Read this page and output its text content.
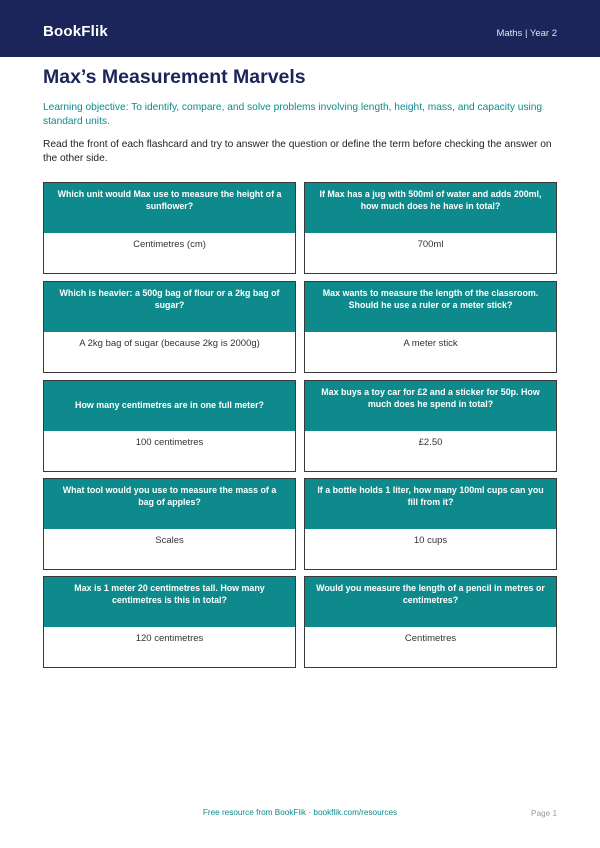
BookFlik	Maths | Year 2
Max’s Measurement Marvels
Learning objective: To identify, compare, and solve problems involving length, height, mass, and capacity using standard units.
Read the front of each flashcard and try to answer the question or define the term before checking the answer on the other side.
Which unit would Max use to measure the height of a sunflower?
Centimetres (cm)
If Max has a jug with 500ml of water and adds 200ml, how much does he have in total?
700ml
Which is heavier: a 500g bag of flour or a 2kg bag of sugar?
A 2kg bag of sugar (because 2kg is 2000g)
Max wants to measure the length of the classroom. Should he use a ruler or a meter stick?
A meter stick
How many centimetres are in one full meter?
100 centimetres
Max buys a toy car for £2 and a sticker for 50p. How much does he spend in total?
£2.50
What tool would you use to measure the mass of a bag of apples?
Scales
If a bottle holds 1 liter, how many 100ml cups can you fill from it?
10 cups
Max is 1 meter 20 centimetres tall. How many centimetres is this in total?
120 centimetres
Would you measure the length of a pencil in metres or centimetres?
Centimetres
Free resource from BookFlik · bookflik.com/resources	Page 1
